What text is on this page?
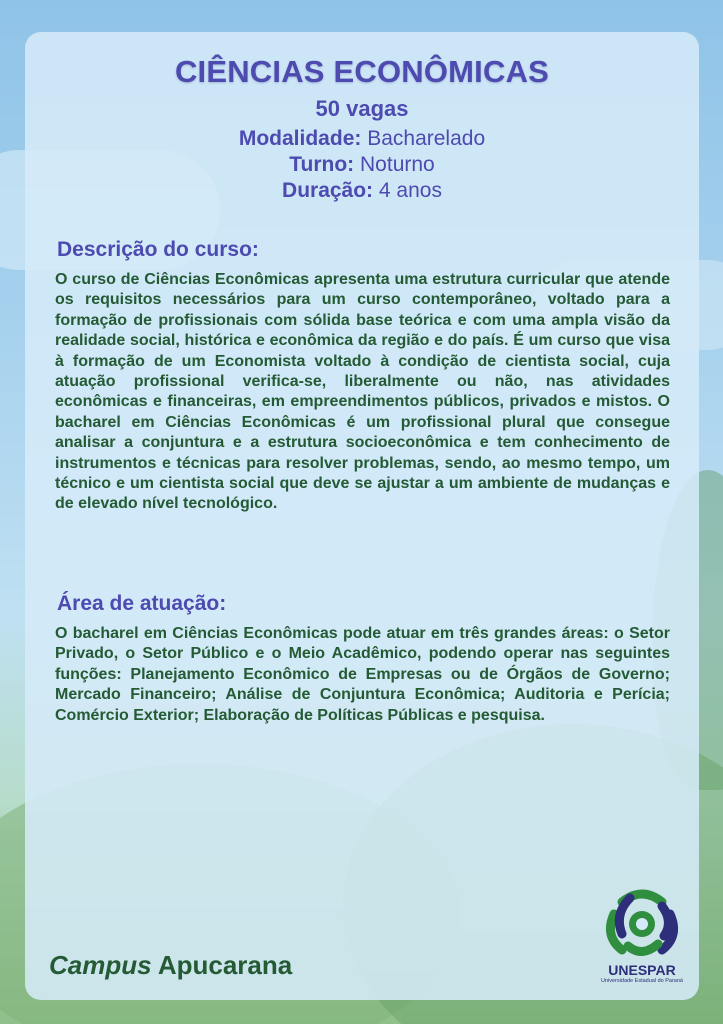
CIÊNCIAS ECONÔMICAS
50 vagas
Modalidade: Bacharelado
Turno: Noturno
Duração: 4 anos
Descrição do curso:

O curso de Ciências Econômicas apresenta uma estrutura curricular que atende os requisitos necessários para um curso contemporâneo, voltado para a formação de profissionais com sólida base teórica e com uma ampla visão da realidade social, histórica e econômica da região e do país. É um curso que visa à formação de um Economista voltado à condição de cientista social, cuja atuação profissional verifica-se, liberalmente ou não, nas atividades econômicas e financeiras, em empreendimentos públicos, privados e mistos. O bacharel em Ciências Econômicas é um profissional plural que consegue analisar a conjuntura e a estrutura socioeconômica e tem conhecimento de instrumentos e técnicas para resolver problemas, sendo, ao mesmo tempo, um técnico e um cientista social que deve se ajustar a um ambiente de mudanças e de elevado nível tecnológico.

Área de atuação:

O bacharel em Ciências Econômicas pode atuar em três grandes áreas: o Setor Privado, o Setor Público e o Meio Acadêmico, podendo operar nas seguintes funções: Planejamento Econômico de Empresas ou de Órgãos de Governo; Mercado Financeiro; Análise de Conjuntura Econômica; Auditoria e Perícia; Comércio Exterior; Elaboração de Políticas Públicas e pesquisa.

Campus Apucarana	UNESPAR
Universidade Estadual do Paraná
